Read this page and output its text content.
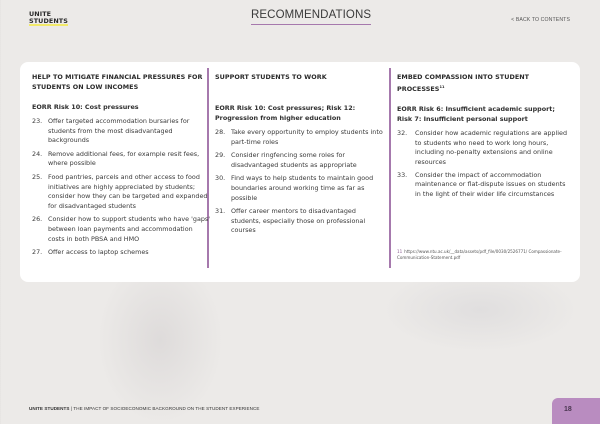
UNITE
STUDENTS	RECOMMENDATIONS	< BACK TO CONTENTS
HELP TO MITIGATE FINANCIAL PRESSURES FOR STUDENTS ON LOW INCOMES
EORR Risk 10: Cost pressures
23. Offer targeted accommodation bursaries for students from the most disadvantaged backgrounds
24. Remove additional fees, for example resit fees, where possible
25. Food pantries, parcels and other access to food initiatives are highly appreciated by students; consider how they can be targeted and expanded for disadvantaged students
26. Consider how to support students who have 'gaps' between loan payments and accommodation costs in both PBSA and HMO
27. Offer access to laptop schemes
SUPPORT STUDENTS TO WORK
EORR Risk 10: Cost pressures; Risk 12: Progression from higher education
28. Take every opportunity to employ students into part-time roles
29. Consider ringfencing some roles for disadvantaged students as appropriate
30. Find ways to help students to maintain good boundaries around working time as far as possible
31. Offer career mentors to disadvantaged students, especially those on professional courses
EMBED COMPASSION INTO STUDENT PROCESSES$^{11}$
EORR Risk 6: Insufficient academic support; Risk 7: Insufficient personal support
32. Consider how academic regulations are applied to students who need to work long hours, including no-penalty extensions and online resources
33. Consider the impact of accommodation maintenance or flat-dispute issues on students in the light of their wider life circumstances
11 https://www.ntu.ac.uk/__data/assets/pdf_file/0030/2526771/ Compassionate-Communication-Statement.pdf
UNITE STUDENTS | THE IMPACT OF SOCIOECONOMIC BACKGROUND ON THE STUDENT EXPERIENCE	18
